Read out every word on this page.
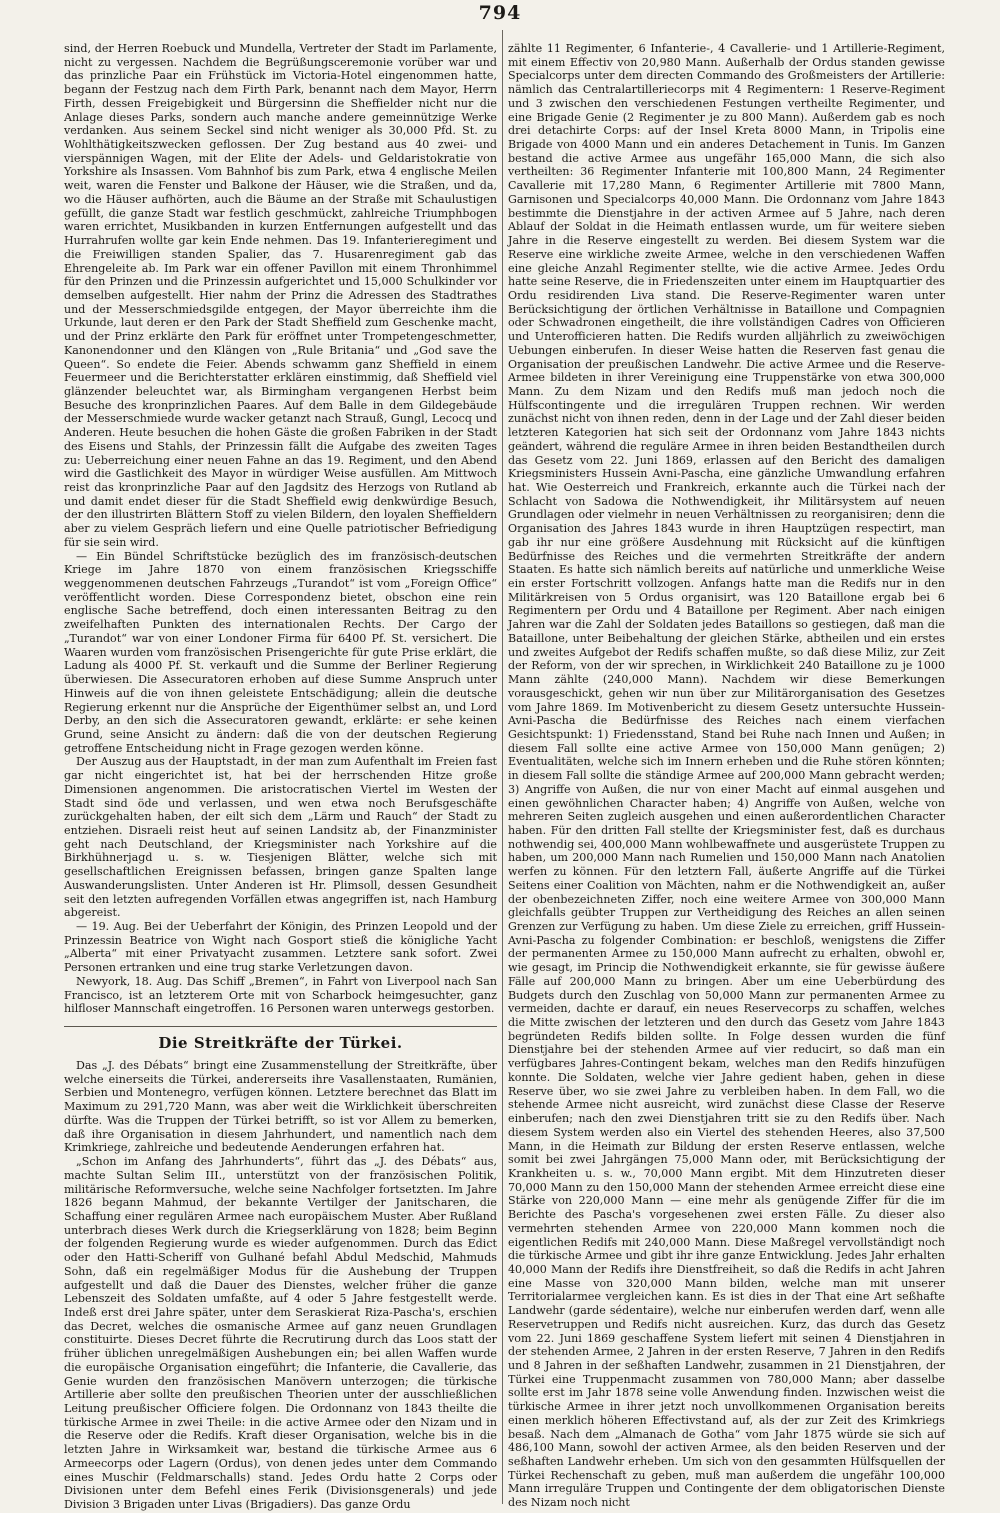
794

sind, der Herren Roebuck und Mundella, Vertreter der Stadt im Parlamente, nicht zu vergessen. Nachdem die Begrüßungsceremonie vorüber war und das prinzliche Paar ein Frühstück im Victoria-Hotel eingenommen hatte, begann der Festzug nach dem Firth Park, benannt nach dem Mayor, Herrn Firth, dessen Freigebigkeit und Bürgersinn die Sheffielder nicht nur die Anlage dieses Parks, sondern auch manche andere gemeinnützige Werke verdanken. Aus seinem Seckel sind nicht weniger als 30,000 Pfd. St. zu Wohlthätigkeitszwecken geflossen. Der Zug bestand aus 40 zwei- und vierspännigen Wagen, mit der Elite der Adels- und Geldaristokratie von Yorkshire als Insassen. Vom Bahnhof bis zum Park, etwa 4 englische Meilen weit, waren die Fenster und Balkone der Häuser, wie die Straßen, und da, wo die Häuser aufhörten, auch die Bäume an der Straße mit Schaulustigen gefüllt, die ganze Stadt war festlich geschmückt, zahlreiche Triumphbogen waren errichtet, Musikbanden in kurzen Entfernungen aufgestellt und das Hurrahrufen wollte gar kein Ende nehmen. Das 19. Infanterieregiment und die Freiwilligen standen Spalier, das 7. Husarenregiment gab das Ehrengeleite ab. Im Park war ein offener Pavillon mit einem Thronhimmel für den Prinzen und die Prinzessin aufgerichtet und 15,000 Schulkinder vor demselben aufgestellt. Hier nahm der Prinz die Adressen des Stadtrathes und der Messerschmiedsgilde entgegen, der Mayor überreichte ihm die Urkunde, laut deren er den Park der Stadt Sheffield zum Geschenke macht, und der Prinz erklärte den Park für eröffnet unter Trompetengeschmetter, Kanonendonner und den Klängen von „Rule Britania“ und „God save the Queen“. So endete die Feier. Abends schwamm ganz Sheffield in einem Feuermeer und die Berichterstatter erklären einstimmig, daß Sheffield viel glänzender beleuchtet war, als Birmingham vergangenen Herbst beim Besuche des kronprinzlichen Paares. Auf dem Balle in dem Gildegebäude der Messerschmiede wurde wacker getanzt nach Strauß, Gungl, Lecocq und Anderen. Heute besuchen die hohen Gäste die großen Fabriken in der Stadt des Eisens und Stahls, der Prinzessin fällt die Aufgabe des zweiten Tages zu: Ueberreichung einer neuen Fahne an das 19. Regiment, und den Abend wird die Gastlichkeit des Mayor in würdiger Weise ausfüllen. Am Mittwoch reist das kronprinzliche Paar auf den Jagdsitz des Herzogs von Rutland ab und damit endet dieser für die Stadt Sheffield ewig denkwürdige Besuch, der den illustrirten Blättern Stoff zu vielen Bildern, den loyalen Sheffieldern aber zu vielem Gespräch liefern und eine Quelle patriotischer Befriedigung für sie sein wird.

— Ein Bündel Schriftstücke bezüglich des im französisch-deutschen Kriege im Jahre 1870 von einem französischen Kriegsschiffe weggenommenen deutschen Fahrzeugs „Turandot“ ist vom „Foreign Office“ veröffentlicht worden. Diese Correspondenz bietet, obschon eine rein englische Sache betreffend, doch einen interessanten Beitrag zu den zweifelhaften Punkten des internationalen Rechts. Der Cargo der „Turandot“ war von einer Londoner Firma für 6400 Pf. St. versichert. Die Waaren wurden vom französischen Prisengerichte für gute Prise erklärt, die Ladung als 4000 Pf. St. verkauft und die Summe der Berliner Regierung überwiesen. Die Assecuratoren erhoben auf diese Summe Anspruch unter Hinweis auf die von ihnen geleistete Entschädigung; allein die deutsche Regierung erkennt nur die Ansprüche der Eigenthümer selbst an, und Lord Derby, an den sich die Assecuratoren gewandt, erklärte: er sehe keinen Grund, seine Ansicht zu ändern: daß die von der deutschen Regierung getroffene Entscheidung nicht in Frage gezogen werden könne.

Der Auszug aus der Hauptstadt, in der man zum Aufenthalt im Freien fast gar nicht eingerichtet ist, hat bei der herrschenden Hitze große Dimensionen angenommen. Die aristocratischen Viertel im Westen der Stadt sind öde und verlassen, und wen etwa noch Berufsgeschäfte zurückgehalten haben, der eilt sich dem „Lärm und Rauch“ der Stadt zu entziehen. Disraeli reist heut auf seinen Landsitz ab, der Finanzminister geht nach Deutschland, der Kriegsminister nach Yorkshire auf die Birkhühnerjagd u. s. w. Tiesjenigen Blätter, welche sich mit gesellschaftlichen Ereignissen befassen, bringen ganze Spalten lange Auswanderungslisten. Unter Anderen ist Hr. Plimsoll, dessen Gesundheit seit den letzten aufregenden Vorfällen etwas angegriffen ist, nach Hamburg abgereist.

— 19. Aug. Bei der Ueberfahrt der Königin, des Prinzen Leopold und der Prinzessin Beatrice von Wight nach Gosport stieß die königliche Yacht „Alberta“ mit einer Privatyacht zusammen. Letztere sank sofort. Zwei Personen ertranken und eine trug starke Verletzungen davon.

Newyork, 18. Aug. Das Schiff „Bremen“, in Fahrt von Liverpool nach San Francisco, ist an letzterem Orte mit von Scharbock heimgesuchter, ganz hilfloser Mannschaft eingetroffen. 16 Personen waren unterwegs gestorben.

Die Streitkräfte der Türkei.

Das „J. des Débats“ bringt eine Zusammenstellung der Streitkräfte, über welche einerseits die Türkei, andererseits ihre Vasallenstaaten, Rumänien, Serbien und Montenegro, verfügen können. Letztere berechnet das Blatt im Maximum zu 291,720 Mann, was aber weit die Wirklichkeit überschreiten dürfte. Was die Truppen der Türkei betrifft, so ist vor Allem zu bemerken, daß ihre Organisation in diesem Jahrhundert, und namentlich nach dem Krimkriege, zahlreiche und bedeutende Aenderungen erfahren hat.

„Schon im Anfang des Jahrhunderts“, führt das „J. des Débats“ aus, machte Sultan Selim III., unterstützt von der französischen Politik, militärische Reformversuche, welche seine Nachfolger fortsetzten. Im Jahre 1826 begann Mahmud, der bekannte Vertilger der Janitscharen, die Schaffung einer regulären Armee nach europäischem Muster. Aber Rußland unterbrach dieses Werk durch die Kriegserklärung von 1828; beim Beginn der folgenden Regierung wurde es wieder aufgenommen. Durch das Edict oder den Hatti-Scheriff von Gulhané befahl Abdul Medschid, Mahmuds Sohn, daß ein regelmäßiger Modus für die Aushebung der Truppen aufgestellt und daß die Dauer des Dienstes, welcher früher die ganze Lebenszeit des Soldaten umfaßte, auf 4 oder 5 Jahre festgestellt werde. Indeß erst drei Jahre später, unter dem Seraskierat Riza-Pascha's, erschien das Decret, welches die osmanische Armee auf ganz neuen Grundlagen constituirte. Dieses Decret führte die Recrutirung durch das Loos statt der früher üblichen unregelmäßigen Aushebungen ein; bei allen Waffen wurde die europäische Organisation eingeführt; die Infanterie, die Cavallerie, das Genie wurden den französischen Manövern unterzogen; die türkische Artillerie aber sollte den preußischen Theorien unter der ausschließlichen Leitung preußischer Officiere folgen. Die Ordonnanz von 1843 theilte die türkische Armee in zwei Theile: in die active Armee oder den Nizam und in die Reserve oder die Redifs. Kraft dieser Organisation, welche bis in die letzten Jahre in Wirksamkeit war, bestand die türkische Armee aus 6 Armeecorps oder Lagern (Ordus), von denen jedes unter dem Commando eines Muschir (Feldmarschalls) stand. Jedes Ordu hatte 2 Corps oder Divisionen unter dem Befehl eines Ferik (Divisionsgenerals) und jede Division 3 Brigaden unter Livas (Brigadiers). Das ganze Ordu

zählte 11 Regimenter, 6 Infanterie-, 4 Cavallerie- und 1 Artillerie-Regiment, mit einem Effectiv von 20,980 Mann. Außerhalb der Ordus standen gewisse Specialcorps unter dem directen Commando des Großmeisters der Artillerie: nämlich das Centralartilleriecorps mit 4 Regimentern: 1 Reserve-Regiment und 3 zwischen den verschiedenen Festungen vertheilte Regimenter, und eine Brigade Genie (2 Regimenter je zu 800 Mann). Außerdem gab es noch drei detachirte Corps: auf der Insel Kreta 8000 Mann, in Tripolis eine Brigade von 4000 Mann und ein anderes Detachement in Tunis. Im Ganzen bestand die active Armee aus ungefähr 165,000 Mann, die sich also vertheilten: 36 Regimenter Infanterie mit 100,800 Mann, 24 Regimenter Cavallerie mit 17,280 Mann, 6 Regimenter Artillerie mit 7800 Mann, Garnisonen und Specialcorps 40,000 Mann. Die Ordonnanz vom Jahre 1843 bestimmte die Dienstjahre in der activen Armee auf 5 Jahre, nach deren Ablauf der Soldat in die Heimath entlassen wurde, um für weitere sieben Jahre in die Reserve eingestellt zu werden. Bei diesem System war die Reserve eine wirkliche zweite Armee, welche in den verschiedenen Waffen eine gleiche Anzahl Regimenter stellte, wie die active Armee. Jedes Ordu hatte seine Reserve, die in Friedenszeiten unter einem im Hauptquartier des Ordu residirenden Liva stand. Die Reserve-Regimenter waren unter Berücksichtigung der örtlichen Verhältnisse in Bataillone und Compagnien oder Schwadronen eingetheilt, die ihre vollständigen Cadres von Officieren und Unterofficieren hatten. Die Redifs wurden alljährlich zu zweiwöchigen Uebungen einberufen. In dieser Weise hatten die Reserven fast genau die Organisation der preußischen Landwehr. Die active Armee und die Reserve-Armee bildeten in ihrer Vereinigung eine Truppenstärke von etwa 300,000 Mann. Zu dem Nizam und den Redifs muß man jedoch noch die Hülfscontingente und die irregulären Truppen rechnen. Wir werden zunächst nicht von ihnen reden, denn in der Lage und der Zahl dieser beiden letzteren Kategorien hat sich seit der Ordonnanz vom Jahre 1843 nichts geändert, während die reguläre Armee in ihren beiden Bestandtheilen durch das Gesetz vom 22. Juni 1869, erlassen auf den Bericht des damaligen Kriegsministers Hussein Avni-Pascha, eine gänzliche Umwandlung erfahren hat. Wie Oesterreich und Frankreich, erkannte auch die Türkei nach der Schlacht von Sadowa die Nothwendigkeit, ihr Militärsystem auf neuen Grundlagen oder vielmehr in neuen Verhältnissen zu reorganisiren; denn die Organisation des Jahres 1843 wurde in ihren Hauptzügen respectirt, man gab ihr nur eine größere Ausdehnung mit Rücksicht auf die künftigen Bedürfnisse des Reiches und die vermehrten Streitkräfte der andern Staaten. Es hatte sich nämlich bereits auf natürliche und unmerkliche Weise ein erster Fortschritt vollzogen. Anfangs hatte man die Redifs nur in den Militärkreisen von 5 Ordus organisirt, was 120 Bataillone ergab bei 6 Regimentern per Ordu und 4 Bataillone per Regiment. Aber nach einigen Jahren war die Zahl der Soldaten jedes Bataillons so gestiegen, daß man die Bataillone, unter Beibehaltung der gleichen Stärke, abtheilen und ein erstes und zweites Aufgebot der Redifs schaffen mußte, so daß diese Miliz, zur Zeit der Reform, von der wir sprechen, in Wirklichkeit 240 Bataillone zu je 1000 Mann zählte (240,000 Mann). Nachdem wir diese Bemerkungen vorausgeschickt, gehen wir nun über zur Militärorganisation des Gesetzes vom Jahre 1869. Im Motivenbericht zu diesem Gesetz untersuchte Hussein-Avni-Pascha die Bedürfnisse des Reiches nach einem vierfachen Gesichtspunkt: 1) Friedensstand, Stand bei Ruhe nach Innen und Außen; in diesem Fall sollte eine active Armee von 150,000 Mann genügen; 2) Eventualitäten, welche sich im Innern erheben und die Ruhe stören könnten; in diesem Fall sollte die ständige Armee auf 200,000 Mann gebracht werden; 3) Angriffe von Außen, die nur von einer Macht auf einmal ausgehen und einen gewöhnlichen Character haben; 4) Angriffe von Außen, welche von mehreren Seiten zugleich ausgehen und einen außerordentlichen Character haben. Für den dritten Fall stellte der Kriegsminister fest, daß es durchaus nothwendig sei, 400,000 Mann wohlbewaffnete und ausgerüstete Truppen zu haben, um 200,000 Mann nach Rumelien und 150,000 Mann nach Anatolien werfen zu können. Für den letztern Fall, äußerte Angriffe auf die Türkei Seitens einer Coalition von Mächten, nahm er die Nothwendigkeit an, außer der obenbezeichneten Ziffer, noch eine weitere Armee von 300,000 Mann gleichfalls geübter Truppen zur Vertheidigung des Reiches an allen seinen Grenzen zur Verfügung zu haben. Um diese Ziele zu erreichen, griff Hussein-Avni-Pascha zu folgender Combination: er beschloß, wenigstens die Ziffer der permanenten Armee zu 150,000 Mann aufrecht zu erhalten, obwohl er, wie gesagt, im Princip die Nothwendigkeit erkannte, sie für gewisse äußere Fälle auf 200,000 Mann zu bringen. Aber um eine Ueberbürdung des Budgets durch den Zuschlag von 50,000 Mann zur permanenten Armee zu vermeiden, dachte er darauf, ein neues Reservecorps zu schaffen, welches die Mitte zwischen der letzteren und den durch das Gesetz vom Jahre 1843 begründeten Redifs bilden sollte. In Folge dessen wurden die fünf Dienstjahre bei der stehenden Armee auf vier reducirt, so daß man ein verfügbares Jahres-Contingent bekam, welches man den Redifs hinzufügen konnte. Die Soldaten, welche vier Jahre gedient haben, gehen in diese Reserve über, wo sie zwei Jahre zu verbleiben haben. In dem Fall, wo die stehende Armee nicht ausreicht, wird zunächst diese Classe der Reserve einberufen; nach den zwei Dienstjahren tritt sie zu den Redifs über. Nach diesem System werden also ein Viertel des stehenden Heeres, also 37,500 Mann, in die Heimath zur Bildung der ersten Reserve entlassen, welche somit bei zwei Jahrgängen 75,000 Mann oder, mit Berücksichtigung der Krankheiten u. s. w., 70,000 Mann ergibt. Mit dem Hinzutreten dieser 70,000 Mann zu den 150,000 Mann der stehenden Armee erreicht diese eine Stärke von 220,000 Mann — eine mehr als genügende Ziffer für die im Berichte des Pascha's vorgesehenen zwei ersten Fälle. Zu dieser also vermehrten stehenden Armee von 220,000 Mann kommen noch die eigentlichen Redifs mit 240,000 Mann. Diese Maßregel vervollständigt noch die türkische Armee und gibt ihr ihre ganze Entwicklung. Jedes Jahr erhalten 40,000 Mann der Redifs ihre Dienstfreiheit, so daß die Redifs in acht Jahren eine Masse von 320,000 Mann bilden, welche man mit unserer Territorialarmee vergleichen kann. Es ist dies in der That eine Art seßhafte Landwehr (garde sédentaire), welche nur einberufen werden darf, wenn alle Reservetruppen und Redifs nicht ausreichen. Kurz, das durch das Gesetz vom 22. Juni 1869 geschaffene System liefert mit seinen 4 Dienstjahren in der stehenden Armee, 2 Jahren in der ersten Reserve, 7 Jahren in den Redifs und 8 Jahren in der seßhaften Landwehr, zusammen in 21 Dienstjahren, der Türkei eine Truppenmacht zusammen von 780,000 Mann; aber dasselbe sollte erst im Jahr 1878 seine volle Anwendung finden. Inzwischen weist die türkische Armee in ihrer jetzt noch unvollkommenen Organisation bereits einen merklich höheren Effectivstand auf, als der zur Zeit des Krimkriegs besaß. Nach dem „Almanach de Gotha“ vom Jahr 1875 würde sie sich auf 486,100 Mann, sowohl der activen Armee, als den beiden Reserven und der seßhaften Landwehr erheben. Um sich von den gesammten Hülfsquellen der Türkei Rechenschaft zu geben, muß man außerdem die ungefähr 100,000 Mann irreguläre Truppen und Contingente der dem obligatorischen Dienste des Nizam noch nicht
